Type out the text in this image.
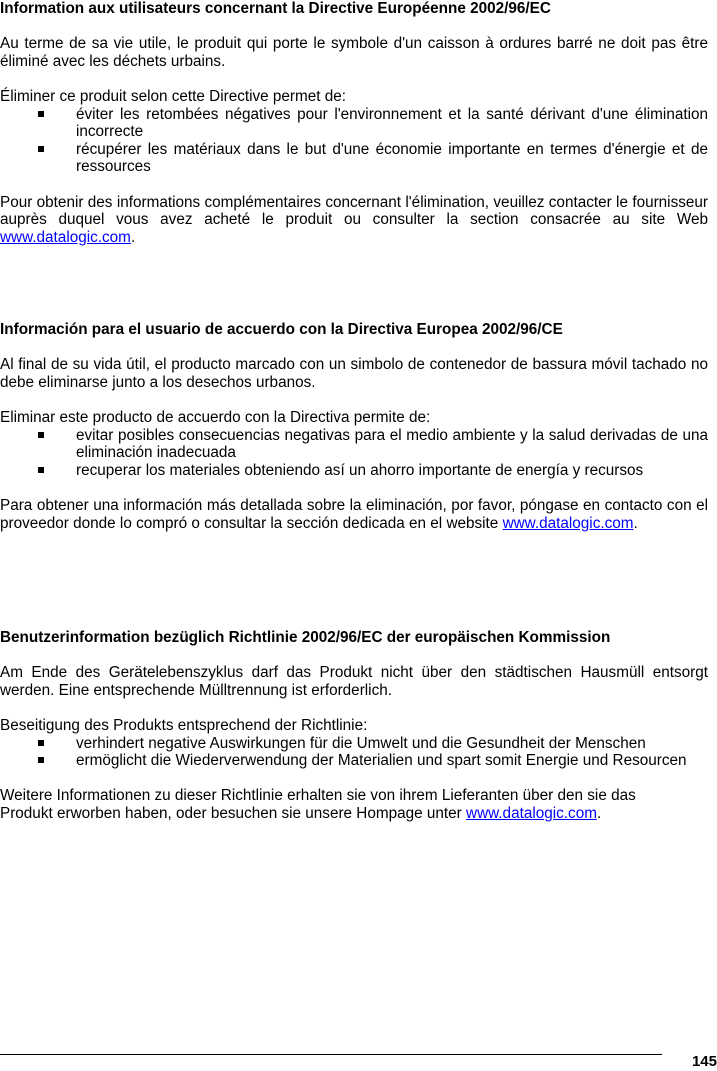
Information aux utilisateurs concernant la Directive Européenne 2002/96/EC

Au terme de sa vie utile, le produit qui porte le symbole d'un caisson à ordures barré ne doit pas être éliminé avec les déchets urbains.

Éliminer ce produit selon cette Directive permet de:

éviter les retombées négatives pour l'environnement et la santé dérivant d'une élimination incorrecte
récupérer les matériaux dans le but d'une économie importante en termes d'énergie et de ressources

Pour obtenir des informations complémentaires concernant l'élimination, veuillez contacter le fournisseur auprès duquel vous avez acheté le produit ou consulter la section consacrée au site Web www.datalogic.com.

Información para el usuario de accuerdo con la Directiva Europea 2002/96/CE

Al final de su vida útil, el producto marcado con un simbolo de contenedor de bassura móvil tachado no debe eliminarse junto a los desechos urbanos.

Eliminar este producto de accuerdo con la Directiva permite de:

evitar posibles consecuencias negativas para el medio ambiente y la salud derivadas de una eliminación inadecuada
recuperar los materiales obteniendo así un ahorro importante de energía y recursos

Para obtener una información más detallada sobre la eliminación, por favor, póngase en contacto con el proveedor donde lo compró o consultar la sección dedicada en el website www.datalogic.com.

Benutzerinformation bezüglich Richtlinie 2002/96/EC der europäischen Kommission

Am Ende des Gerätelebenszyklus darf das Produkt nicht über den städtischen Hausmüll entsorgt werden. Eine entsprechende Mülltrennung ist erforderlich.

Beseitigung des Produkts entsprechend der Richtlinie:

verhindert negative Auswirkungen für die Umwelt und die Gesundheit der Menschen
ermöglicht die Wiederverwendung der Materialien und spart somit Energie und Resourcen

Weitere Informationen zu dieser Richtlinie erhalten sie von ihrem Lieferanten über den sie das
Produkt erworben haben, oder besuchen sie unsere Hompage unter www.datalogic.com.

145
